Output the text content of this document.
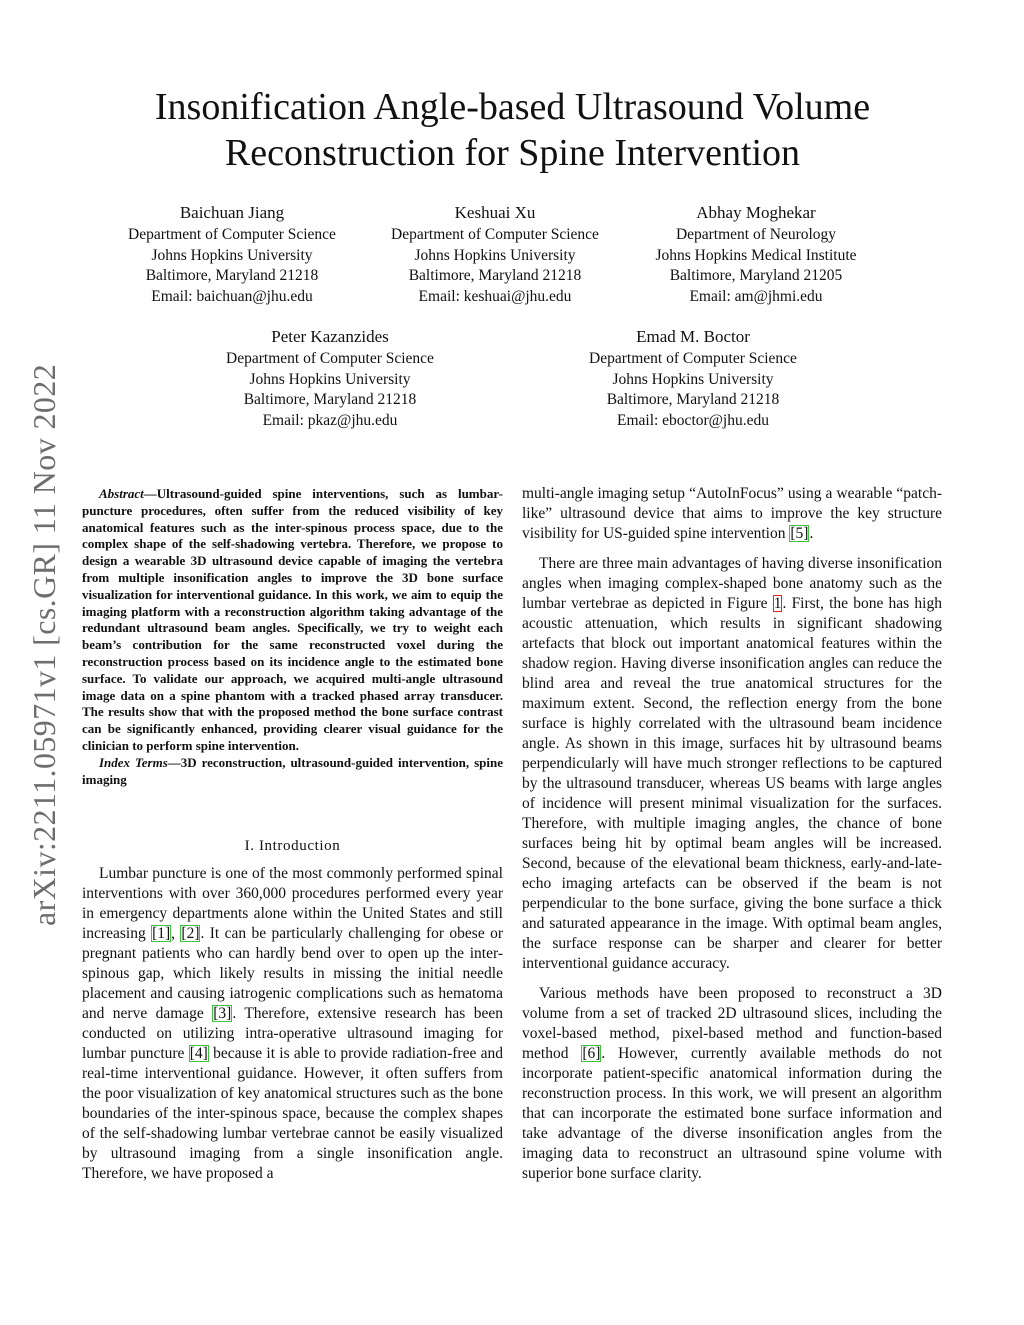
arXiv:2211.05971v1 [cs.GR] 11 Nov 2022
Insonification Angle-based Ultrasound Volume
Reconstruction for Spine Intervention
Baichuan Jiang
Department of Computer Science
Johns Hopkins University
Baltimore, Maryland 21218
Email: baichuan@jhu.edu
Keshuai Xu
Department of Computer Science
Johns Hopkins University
Baltimore, Maryland 21218
Email: keshuai@jhu.edu
Abhay Moghekar
Department of Neurology
Johns Hopkins Medical Institute
Baltimore, Maryland 21205
Email: am@jhmi.edu
Peter Kazanzides
Department of Computer Science
Johns Hopkins University
Baltimore, Maryland 21218
Email: pkaz@jhu.edu
Emad M. Boctor
Department of Computer Science
Johns Hopkins University
Baltimore, Maryland 21218
Email: eboctor@jhu.edu

Abstract—Ultrasound-guided spine interventions, such as lumbar-puncture procedures, often suffer from the reduced visibility of key anatomical features such as the inter-spinous process space, due to the complex shape of the self-shadowing vertebra. Therefore, we propose to design a wearable 3D ultrasound device capable of imaging the vertebra from multiple insonification angles to improve the 3D bone surface visualization for interventional guidance. In this work, we aim to equip the imaging platform with a reconstruction algorithm taking advantage of the redundant ultrasound beam angles. Specifically, we try to weight each beam’s contribution for the same reconstructed voxel during the reconstruction process based on its incidence angle to the estimated bone surface. To validate our approach, we acquired multi-angle ultrasound image data on a spine phantom with a tracked phased array transducer. The results show that with the proposed method the bone surface contrast can be significantly enhanced, providing clearer visual guidance for the clinician to perform spine intervention.

Index Terms—3D reconstruction, ultrasound-guided intervention, spine imaging

I. Introduction

Lumbar puncture is one of the most commonly performed spinal interventions with over 360,000 procedures performed every year in emergency departments alone within the United States and still increasing [1], [2]. It can be particularly challenging for obese or pregnant patients who can hardly bend over to open up the inter-spinous gap, which likely results in missing the initial needle placement and causing iatrogenic complications such as hematoma and nerve damage [3]. Therefore, extensive research has been conducted on utilizing intra-operative ultrasound imaging for lumbar puncture [4] because it is able to provide radiation-free and real-time interventional guidance. However, it often suffers from the poor visualization of key anatomical structures such as the bone boundaries of the inter-spinous space, because the complex shapes of the self-shadowing lumbar vertebrae cannot be easily visualized by ultrasound imaging from a single insonification angle. Therefore, we have proposed a

multi-angle imaging setup “AutoInFocus” using a wearable “patch-like” ultrasound device that aims to improve the key structure visibility for US-guided spine intervention [5].

There are three main advantages of having diverse insonification angles when imaging complex-shaped bone anatomy such as the lumbar vertebrae as depicted in Figure 1. First, the bone has high acoustic attenuation, which results in significant shadowing artefacts that block out important anatomical features within the shadow region. Having diverse insonification angles can reduce the blind area and reveal the true anatomical structures for the maximum extent. Second, the reflection energy from the bone surface is highly correlated with the ultrasound beam incidence angle. As shown in this image, surfaces hit by ultrasound beams perpendicularly will have much stronger reflections to be captured by the ultrasound transducer, whereas US beams with large angles of incidence will present minimal visualization for the surfaces. Therefore, with multiple imaging angles, the chance of bone surfaces being hit by optimal beam angles will be increased. Second, because of the elevational beam thickness, early-and-late-echo imaging artefacts can be observed if the beam is not perpendicular to the bone surface, giving the bone surface a thick and saturated appearance in the image. With optimal beam angles, the surface response can be sharper and clearer for better interventional guidance accuracy.

Various methods have been proposed to reconstruct a 3D volume from a set of tracked 2D ultrasound slices, including the voxel-based method, pixel-based method and function-based method [6]. However, currently available methods do not incorporate patient-specific anatomical information during the reconstruction process. In this work, we will present an algorithm that can incorporate the estimated bone surface information and take advantage of the diverse insonification angles from the imaging data to reconstruct an ultrasound spine volume with superior bone surface clarity.
